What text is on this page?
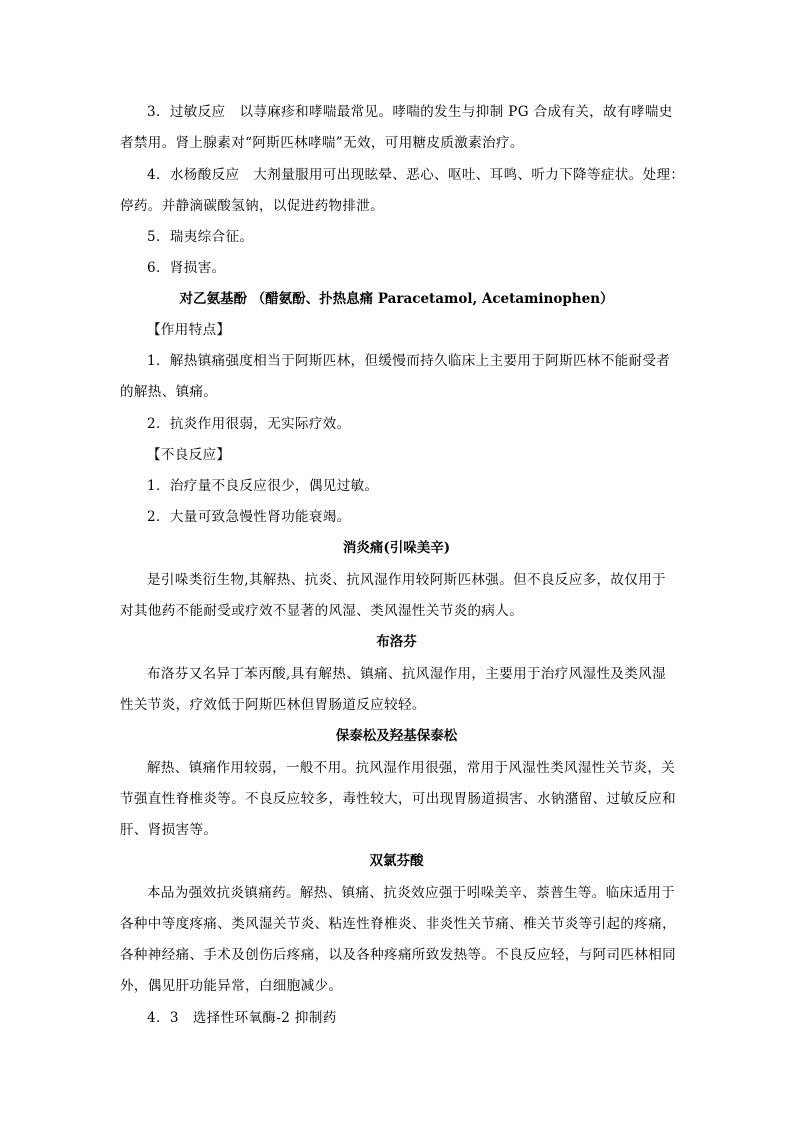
3．过敏反应 以荨麻疹和哮喘最常见。哮喘的发生与抑制 PG 合成有关，故有哮喘史
者禁用。肾上腺素对“阿斯匹林哮喘”无效，可用糖皮质激素治疗。
4．水杨酸反应 大剂量服用可出现眩晕、恶心、呕吐、耳鸣、听力下降等症状。处理：
停药。并静滴碳酸氢钠，以促进药物排泄。
5．瑞夷综合征。
6．肾损害。
对乙氨基酚 （醋氨酚、扑热息痛 Paracetamol, Acetaminophen）
【作用特点】
1．解热镇痛强度相当于阿斯匹林，但缓慢而持久临床上主要用于阿斯匹林不能耐受者
的解热、镇痛。
2．抗炎作用很弱，无实际疗效。
【不良反应】
1．治疗量不良反应很少，偶见过敏。
2．大量可致急慢性肾功能衰竭。
消炎痛(引哚美辛)
是引哚类衍生物,其解热、抗炎、抗风湿作用较阿斯匹林强。但不良反应多，故仅用于
对其他药不能耐受或疗效不显著的风湿、类风湿性关节炎的病人。
布洛芬
布洛芬又名异丁苯丙酸,具有解热、镇痛、抗风湿作用，主要用于治疗风湿性及类风湿
性关节炎，疗效低于阿斯匹林但胃肠道反应较轻。
保泰松及羟基保泰松
解热、镇痛作用较弱，一般不用。抗风湿作用很强，常用于风湿性类风湿性关节炎，关
节强直性脊椎炎等。不良反应较多，毒性较大，可出现胃肠道损害、水钠潴留、过敏反应和
肝、肾损害等。
双氯芬酸
本品为强效抗炎镇痛药。解热、镇痛、抗炎效应强于吲哚美辛、萘普生等。临床适用于
各种中等度疼痛、类风湿关节炎、粘连性脊椎炎、非炎性关节痛、椎关节炎等引起的疼痛，
各种神经痛、手术及创伤后疼痛，以及各种疼痛所致发热等。不良反应轻，与阿司匹林相同
外，偶见肝功能异常，白细胞减少。
4．3 选择性环氧酶-2 抑制药
